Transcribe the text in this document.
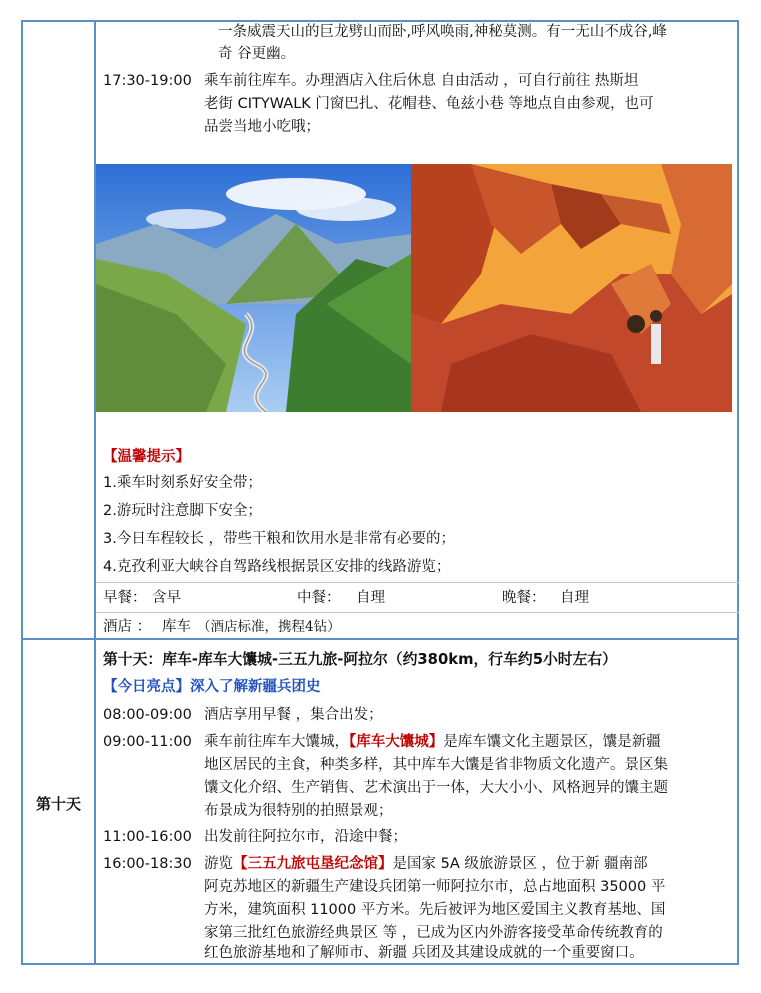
一条威震天山的巨龙劈山而卧,呼风唤雨,神秘莫测。有一无山不成谷,峰
奇 谷更幽。
17:30-19:00 乘车前往库车。办理酒店入住后休息 自由活动 ，可自行前往 热斯坦
老街 CITYWALK 门窗巴扎、花帽巷、龟兹小巷 等地点自由参观，也可
品尝当地小吃哦；
【温馨提示】
1.乘车时刻系好安全带；
2.游玩时注意脚下安全；
3.今日车程较长 ，带些干粮和饮用水是非常有必要的；
4.克孜利亚大峡谷自驾路线根据景区安排的线路游览；
早餐： 含早	中餐： 自理	晚餐： 自理
酒店 ： 库车 （酒店标准，携程4钻）
第十天
第十天：库车-库车大馕城-三五九旅-阿拉尔（约380km，行车约5小时左右）
【今日亮点】深入了解新疆兵团史
08:00-09:00 酒店享用早餐 ，集合出发；
09:00-11:00 乘车前往库车大馕城，【库车大馕城】是库车馕文化主题景区，馕是新疆
地区居民的主食，种类多样，其中库车大馕是省非物质文化遗产。景区集
馕文化介绍、生产销售、艺术演出于一体，大大小小、风格迥异的馕主题
布景成为很特别的拍照景观；
11:00-16:00 出发前往阿拉尔市，沿途中餐；
16:00-18:30 游览【三五九旅屯垦纪念馆】是国家 5A 级旅游景区 ，位于新 疆南部
阿克苏地区的新疆生产建设兵团第一师阿拉尔市，总占地面积 35000 平
方米，建筑面积 11000 平方米。先后被评为地区爱国主义教育基地、国
家第三批红色旅游经典景区 等 ，已成为区内外游客接受革命传统教育的
红色旅游基地和了解师市、新疆 兵团及其建设成就的一个重要窗口。
